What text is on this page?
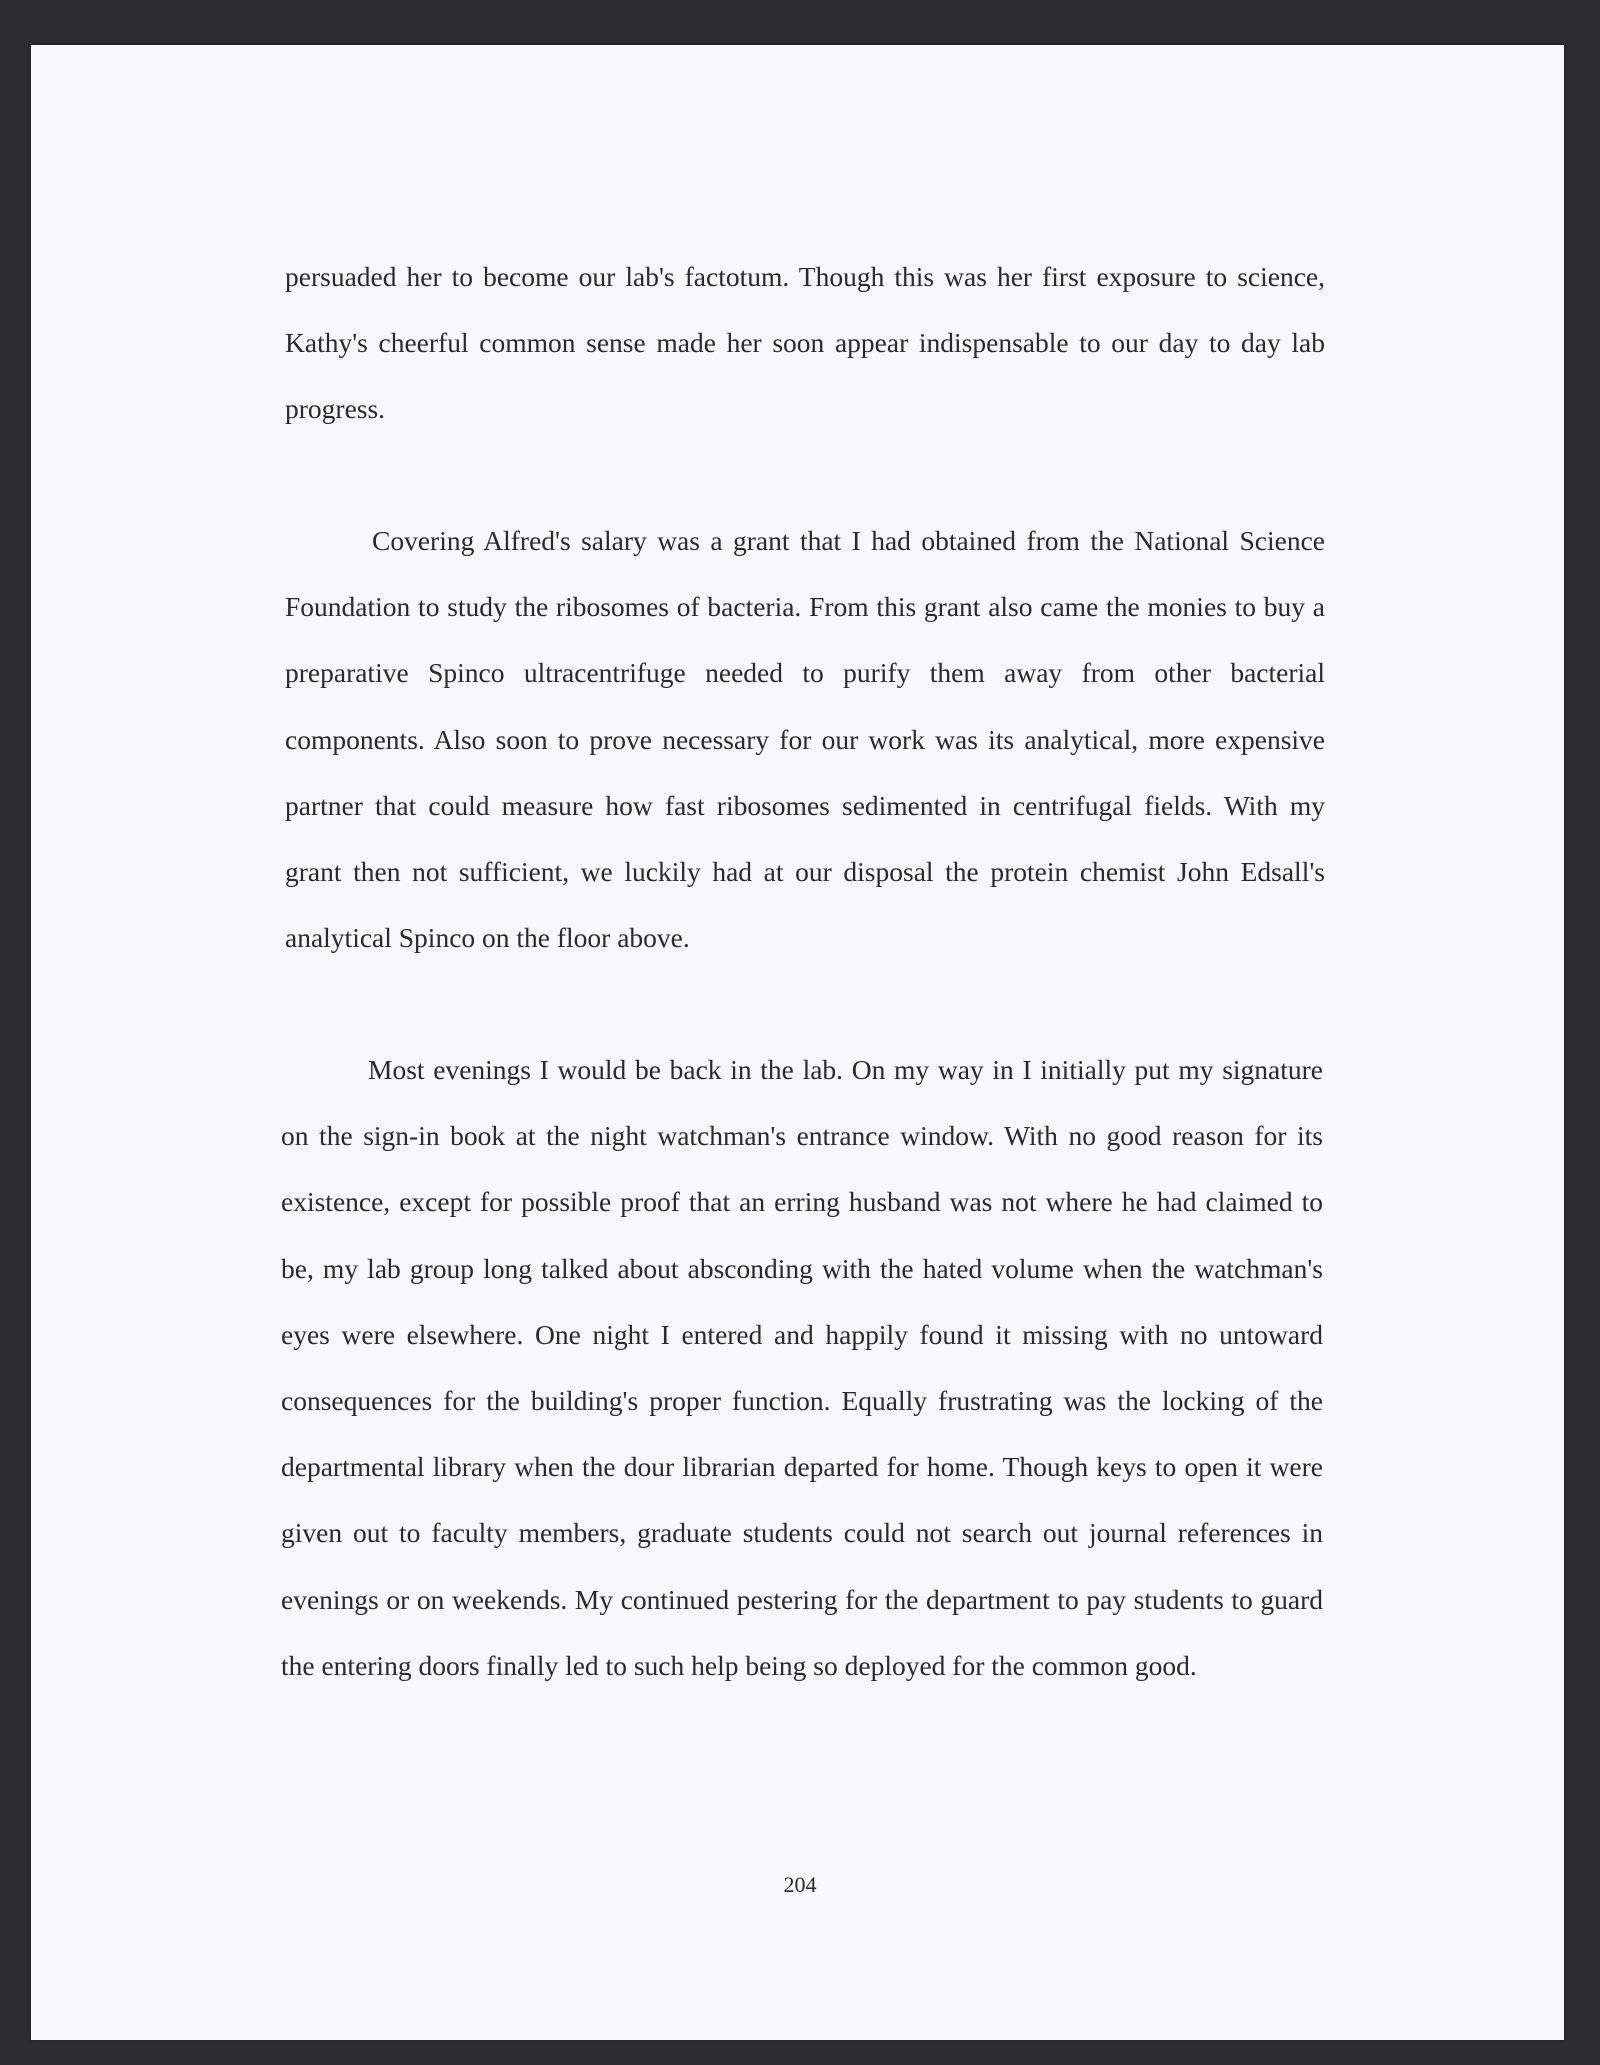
persuaded her to become our lab's factotum. Though this was her first exposure to science, Kathy's cheerful common sense made her soon appear indispensable to our day to day lab progress.

Covering Alfred's salary was a grant that I had obtained from the National Science Foundation to study the ribosomes of bacteria. From this grant also came the monies to buy a preparative Spinco ultracentrifuge needed to purify them away from other bacterial components. Also soon to prove necessary for our work was its analytical, more expensive partner that could measure how fast ribosomes sedimented in centrifugal fields. With my grant then not sufficient, we luckily had at our disposal the protein chemist John Edsall's analytical Spinco on the floor above.

Most evenings I would be back in the lab. On my way in I initially put my signature on the sign-in book at the night watchman's entrance window. With no good reason for its existence, except for possible proof that an erring husband was not where he had claimed to be, my lab group long talked about absconding with the hated volume when the watchman's eyes were elsewhere. One night I entered and happily found it missing with no untoward consequences for the building's proper function. Equally frustrating was the locking of the departmental library when the dour librarian departed for home. Though keys to open it were given out to faculty members, graduate students could not search out journal references in evenings or on weekends. My continued pestering for the department to pay students to guard the entering doors finally led to such help being so deployed for the common good.

204
